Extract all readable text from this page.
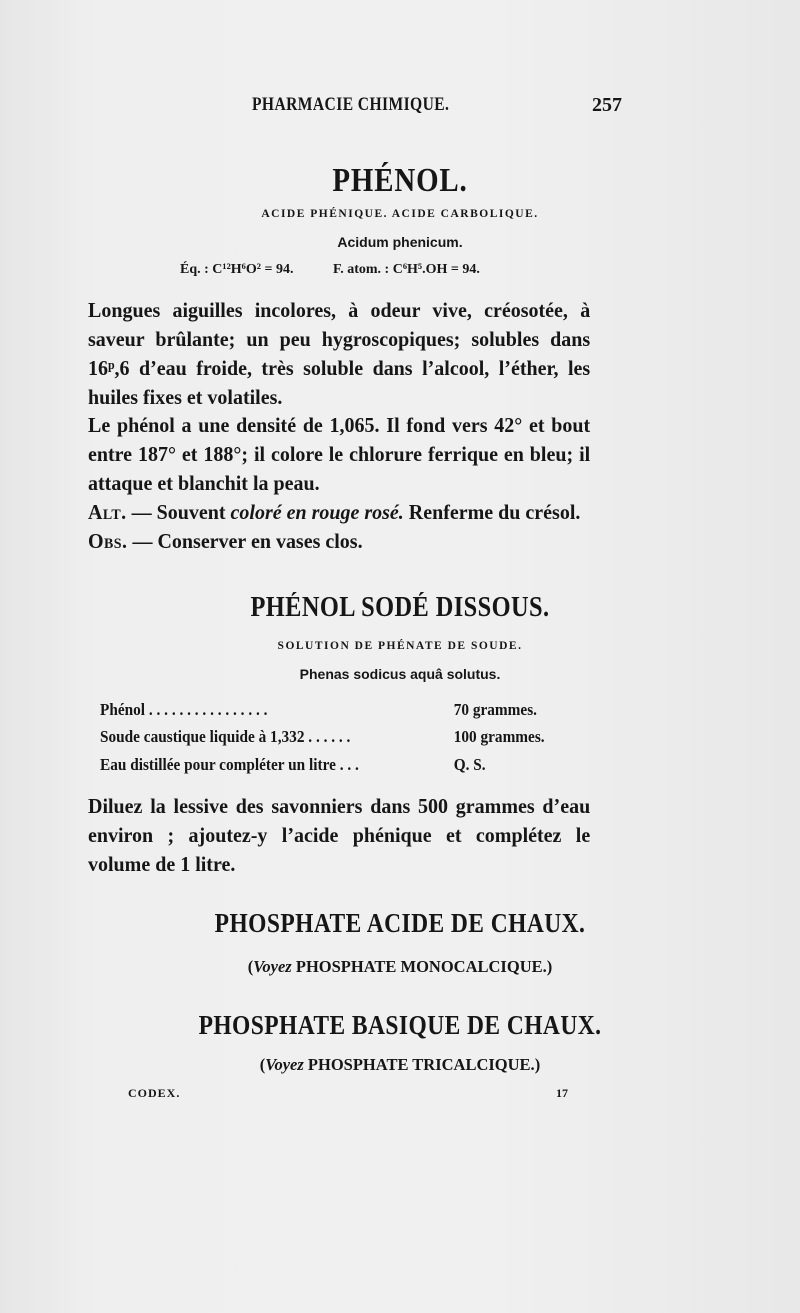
PHARMACIE CHIMIQUE.	257
PHÉNOL.
ACIDE PHÉNIQUE. ACIDE CARBOLIQUE.
Acidum phenicum.
Éq. : C¹²H⁶O² = 94.	F. atom. : C⁶H⁵.OH = 94.
Longues aiguilles incolores, à odeur vive, créosotée, à saveur brûlante; un peu hygroscopiques; solubles dans 16ᵖ,6 d’eau froide, très soluble dans l’alcool, l’éther, les huiles fixes et volatiles.
Le phénol a une densité de 1,065. Il fond vers 42° et bout entre 187° et 188°; il colore le chlorure ferrique en bleu; il attaque et blanchit la peau.
Alt. — Souvent coloré en rouge rosé. Renferme du crésol.
Obs. — Conserver en vases clos.
PHÉNOL SODÉ DISSOUS.
SOLUTION DE PHÉNATE DE SOUDE.
Phenas sodicus aquâ solutus.
Phénol . . . . . . . . . . . . . . . .	70 grammes.
Soude caustique liquide à 1,332 . . . . . .	100 grammes.
Eau distillée pour compléter un litre . . .	Q. S.
Diluez la lessive des savonniers dans 500 grammes d’eau environ ; ajoutez-y l’acide phénique et complétez le volume de 1 litre.
PHOSPHATE ACIDE DE CHAUX.
(Voyez PHOSPHATE MONOCALCIQUE.)
PHOSPHATE BASIQUE DE CHAUX.
(Voyez PHOSPHATE TRICALCIQUE.)
CODEX.	17
